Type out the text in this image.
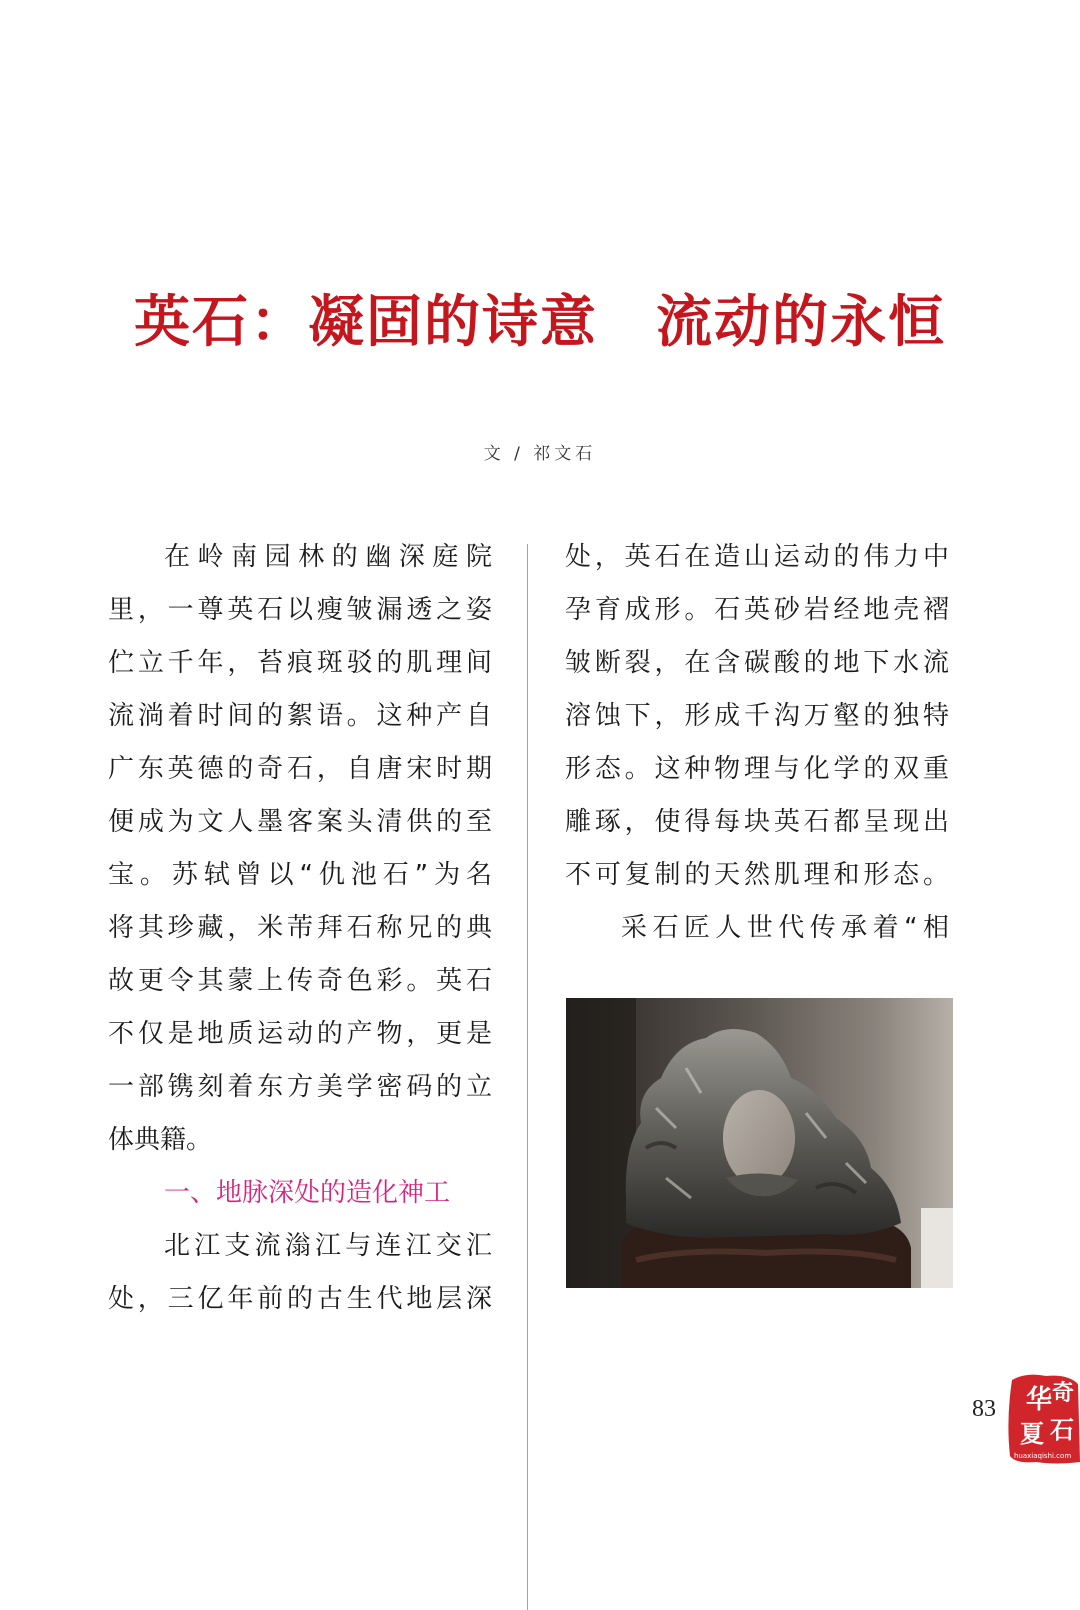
英石：凝固的诗意　流动的永恒
文 / 祁文石
在岭南园林的幽深庭院
里，一尊英石以瘦皱漏透之姿
伫立千年，苔痕斑驳的肌理间
流淌着时间的絮语。这种产自
广东英德的奇石，自唐宋时期
便成为文人墨客案头清供的至
宝。苏轼曾以“仇池石”为名
将其珍藏，米芾拜石称兄的典
故更令其蒙上传奇色彩。英石
不仅是地质运动的产物，更是
一部镌刻着东方美学密码的立
体典籍。
一、地脉深处的造化神工
北江支流滃江与连江交汇
处，三亿年前的古生代地层深
处，英石在造山运动的伟力中
孕育成形。石英砂岩经地壳褶
皱断裂，在含碳酸的地下水流
溶蚀下，形成千沟万壑的独特
形态。这种物理与化学的双重
雕琢，使得每块英石都呈现出
不可复制的天然肌理和形态。
采石匠人世代传承着“相
83 华 奇
夏 石
huaxiaqishi.com
